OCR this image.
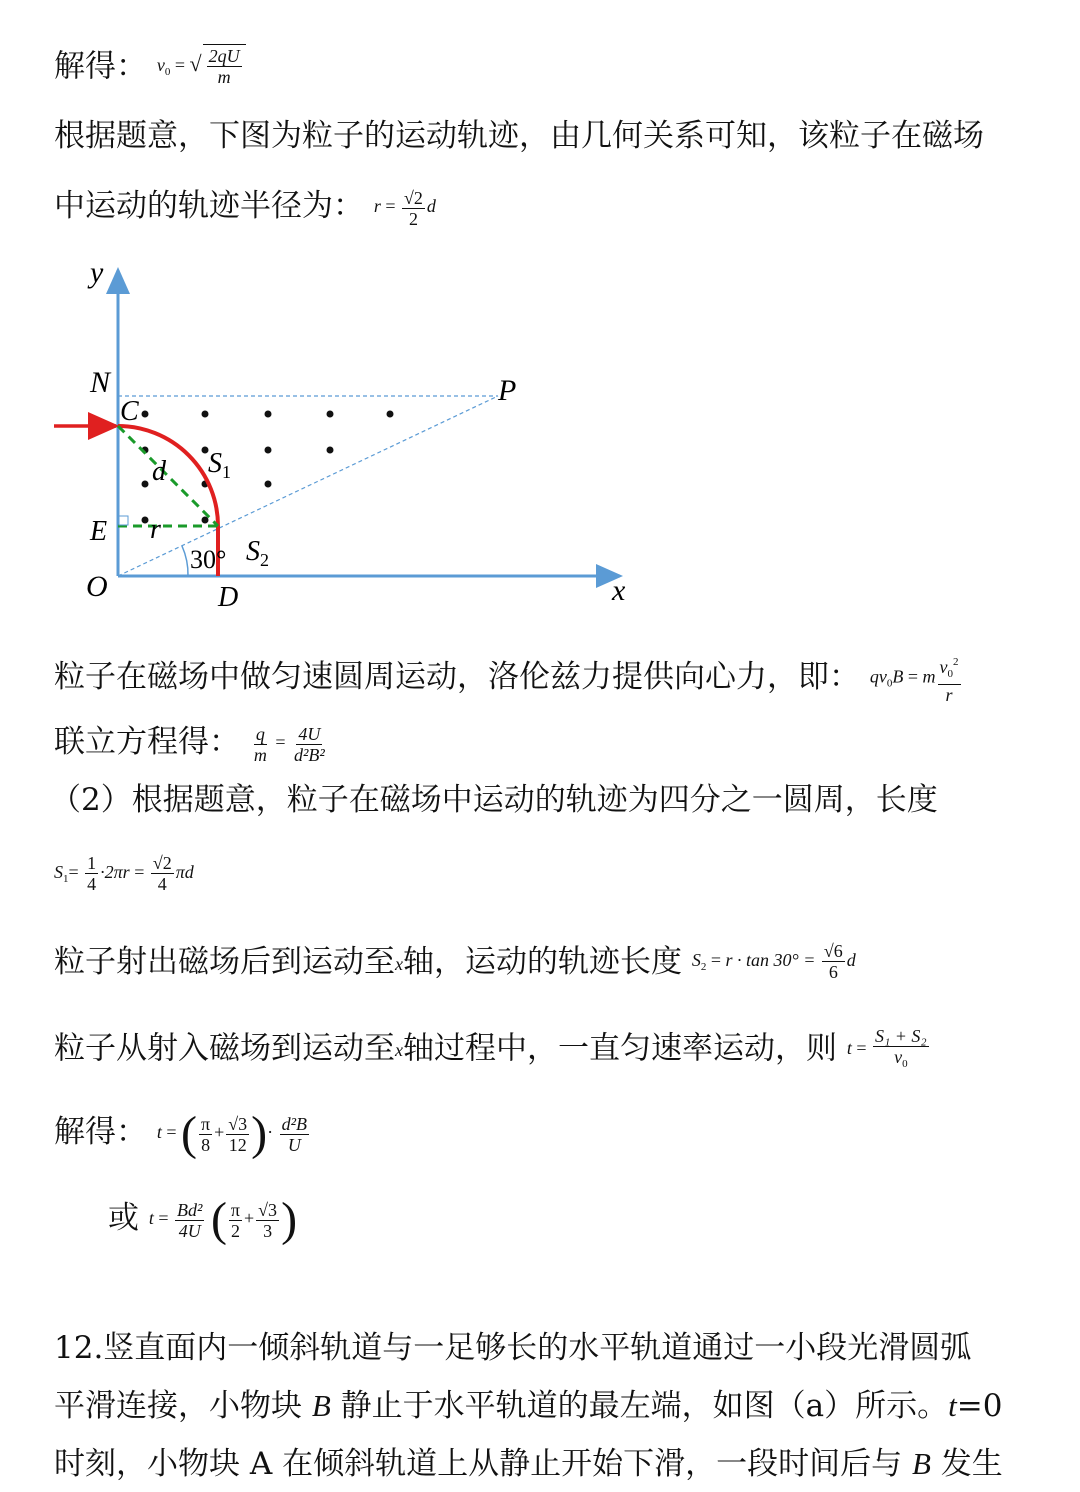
解得： $v_0$ = √ $\frac{2qU}{m}$
根据题意，下图为粒子的运动轨迹，由几何关系可知，该粒子在磁场
中运动的轨迹半径为： $r = \frac{√2}{2}$ d
y
x
N	P
C
E
O	D
d
r
$S_1$
30° $S_2$
粒子在磁场中做匀速圆周运动，洛伦兹力提供向心力，即： $qv_0B = m \frac{v_0^2}{r}$
联立方程得： $\frac{q}{m} = \frac{4U}{\text{d²B²}}$
（2）根据题意，粒子在磁场中运动的轨迹为四分之一圆周，长度
$S_1= \frac{1}{4} \cdot 2\pi r = \frac{√2}{4}$ πd
粒子射出磁场后到运动至x轴，运动的轨迹长度 $S_2 = r \cdot \tan 30^\circ = \frac{√6}{6}$ d
粒子从射入磁场到运动至x轴过程中，一直匀速率运动，则 $t = \frac{\text{S₁ + S₂}}{v_0}$
解得： t = ( $\frac{\pi}{8} + \frac{√3}{12}$ )· $\frac{\text{d²B}}{U}$
或 $t = \frac{\text{Bd²}}{4U}$ ( $\frac{\pi}{2} + \frac{√3}{3}$ )
12.竖直面内一倾斜轨道与一足够长的水平轨道通过一小段光滑圆弧
平滑连接，小物块 B 静止于水平轨道的最左端，如图（a）所示。t=0
时刻，小物块 A 在倾斜轨道上从静止开始下滑，一段时间后与 B 发生
